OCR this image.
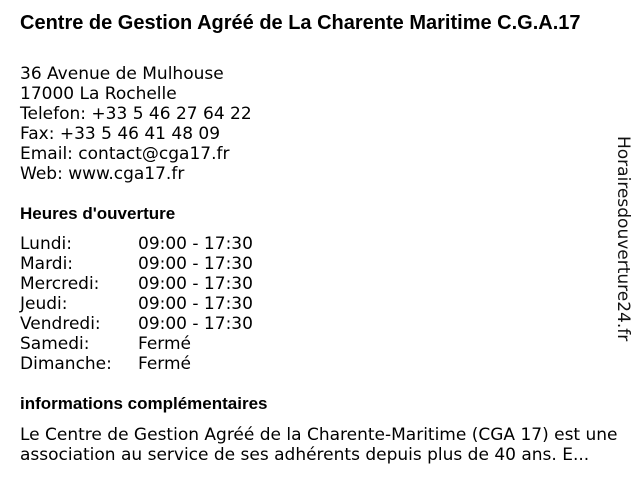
Centre de Gestion Agréé de La Charente Maritime C.G.A.17
36 Avenue de Mulhouse
17000 La Rochelle
Telefon: +33 5 46 27 64 22
Fax: +33 5 46 41 48 09
Email: contact@cga17.fr
Web: www.cga17.fr
Heures d'ouverture
Lundi:	09:00 - 17:30
Mardi:	09:00 - 17:30
Mercredi:	09:00 - 17:30
Jeudi:	09:00 - 17:30
Vendredi:	09:00 - 17:30
Samedi:	Fermé
Dimanche:	Fermé
informations complémentaires
Le Centre de Gestion Agréé de la Charente-Maritime (CGA 17) est une association au service de ses adhérents depuis plus de 40 ans. E...
Horairesdouverture24.fr
